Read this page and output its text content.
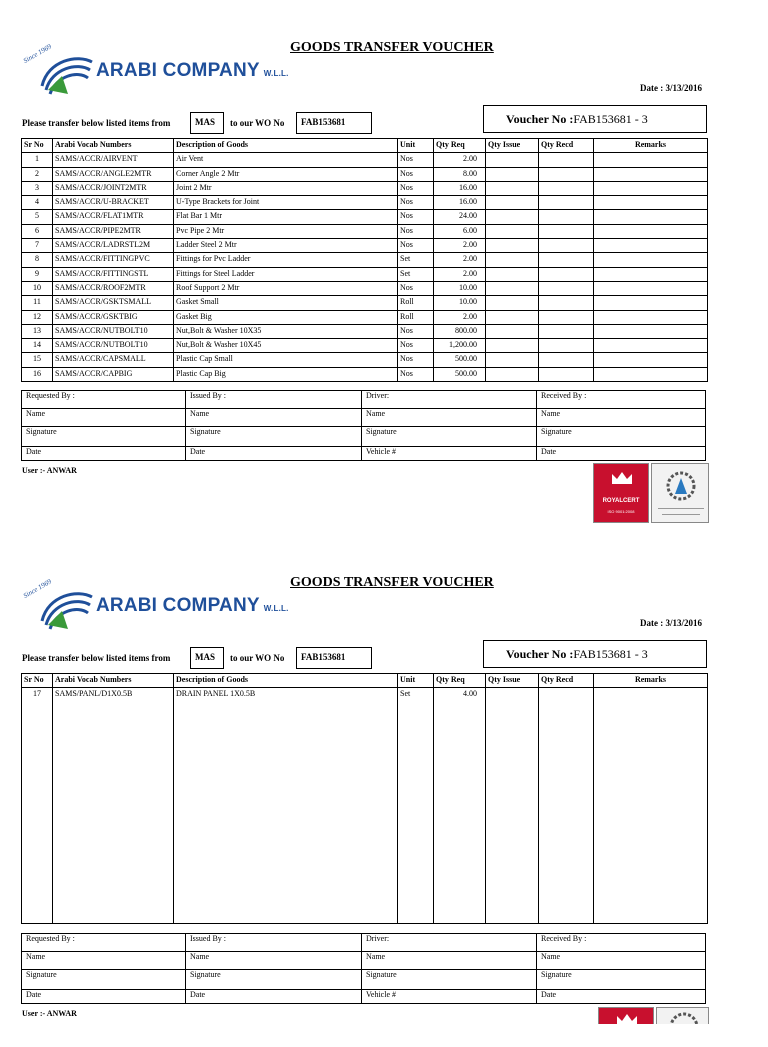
Since 1969
ARABI COMPANY W.L.L.
GOODS TRANSFER VOUCHER
Date : 3/13/2016
Please transfer below listed items from	MAS	to our WO No	FAB153681	Voucher No :FAB153681 - 3
Sr No	Arabi Vocab Numbers	Description of Goods	Unit	Qty Req	Qty Issue	Qty Recd	Remarks
1	SAMS/ACCR/AIRVENT	Air Vent	Nos	2.00			
2	SAMS/ACCR/ANGLE2MTR	Corner Angle 2 Mtr	Nos	8.00			
3	SAMS/ACCR/JOINT2MTR	Joint 2 Mtr	Nos	16.00			
4	SAMS/ACCR/U-BRACKET	U-Type Brackets for Joint	Nos	16.00			
5	SAMS/ACCR/FLAT1MTR	Flat Bar 1 Mtr	Nos	24.00			
6	SAMS/ACCR/PIPE2MTR	Pvc Pipe 2 Mtr	Nos	6.00			
7	SAMS/ACCR/LADRSTL2M	Ladder Steel 2 Mtr	Nos	2.00			
8	SAMS/ACCR/FITTINGPVC	Fittings for Pvc Ladder	Set	2.00			
9	SAMS/ACCR/FITTINGSTL	Fittings for Steel Ladder	Set	2.00			
10	SAMS/ACCR/ROOF2MTR	Roof Support 2 Mtr	Nos	10.00			
11	SAMS/ACCR/GSKTSMALL	Gasket Small	Roll	10.00			
12	SAMS/ACCR/GSKTBIG	Gasket Big	Roll	2.00			
13	SAMS/ACCR/NUTBOLT10	Nut,Bolt & Washer 10X35	Nos	800.00			
14	SAMS/ACCR/NUTBOLT10	Nut,Bolt & Washer 10X45	Nos	1,200.00			
15	SAMS/ACCR/CAPSMALL	Plastic Cap Small	Nos	500.00			
16	SAMS/ACCR/CAPBIG	Plastic Cap Big	Nos	500.00			
Requested By :	Issued By :	Driver:	Received By :
Name	Name	Name	Name
Signature	Signature	Signature	Signature
Date	Date	Vehicle #	Date
User :- ANWAR
ROYALCERT
ISO 9001:2008
Since 1969
ARABI COMPANY W.L.L.
GOODS TRANSFER VOUCHER
Date : 3/13/2016
Please transfer below listed items from	MAS	to our WO No	FAB153681	Voucher No :FAB153681 - 3
Sr No	Arabi Vocab Numbers	Description of Goods	Unit	Qty Req	Qty Issue	Qty Recd	Remarks
17	SAMS/PANL/D1X0.5B	DRAIN PANEL 1X0.5B	Set	4.00			
Requested By :	Issued By :	Driver:	Received By :
Name	Name	Name	Name
Signature	Signature	Signature	Signature
Date	Date	Vehicle #	Date
User :- ANWAR
